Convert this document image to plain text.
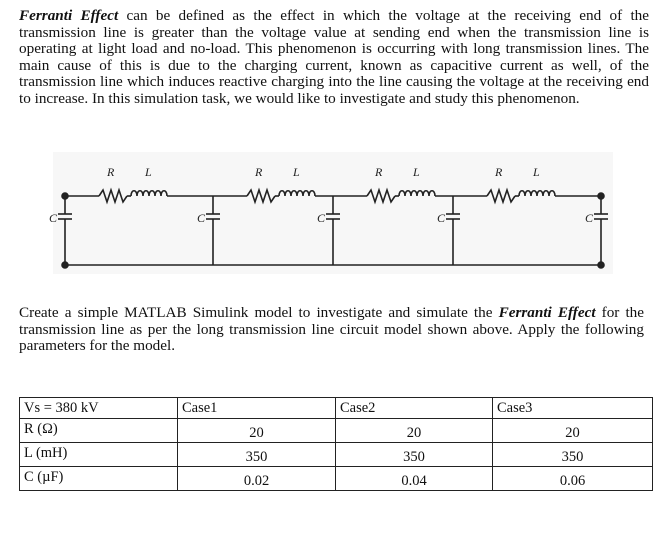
Ferranti Effect can be defined as the effect in which the voltage at the receiving end of the transmission line is greater than the voltage value at sending end when the transmission line is operating at light load and no-load. This phenomenon is occurring with long transmission lines. The main cause of this is due to the charging current, known as capacitive current as well, of the transmission line which induces reactive charging into the line causing the voltage at the receiving end to increase. In this simulation task, we would like to investigate and study this phenomenon.
R	L	R	L	R	L	R	L
C	C	C	C	C
Create a simple MATLAB Simulink model to investigate and simulate the Ferranti Effect for the transmission line as per the long transmission line circuit model shown above. Apply the following parameters for the model.
Vs = 380 kV	Case1	Case2	Case3
R (Ω)	20	20	20
L (mH)	350	350	350
C (µF)	0.02	0.04	0.06
